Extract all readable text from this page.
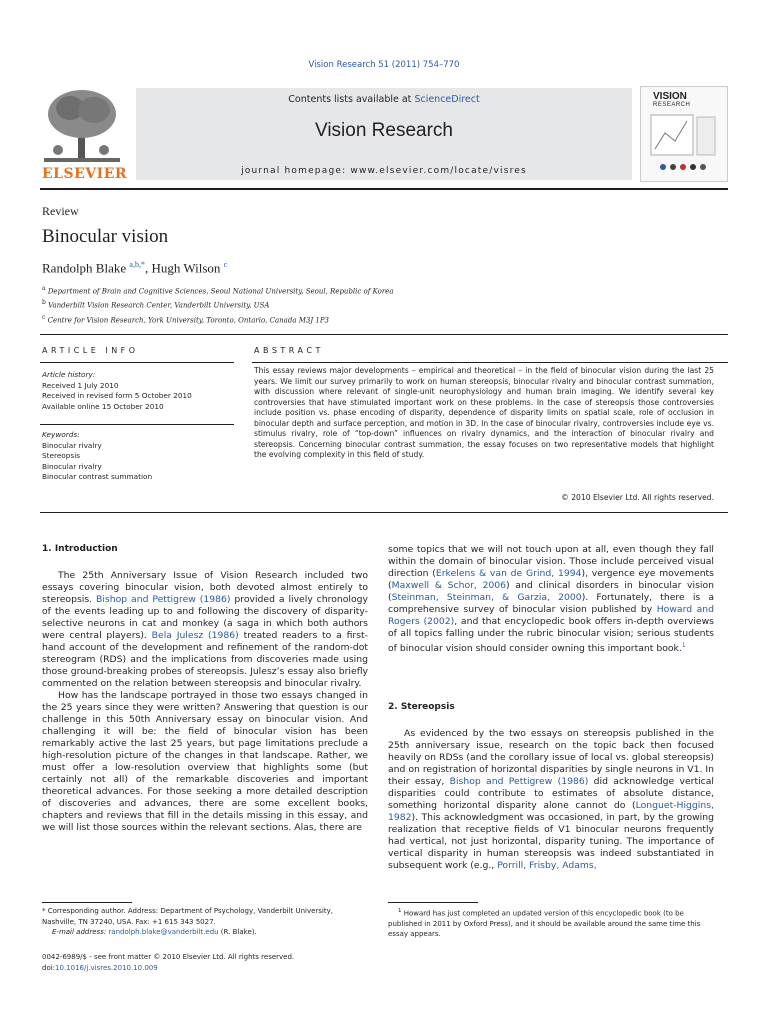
Vision Research 51 (2011) 754–770
ELSEVIER
Contents lists available at ScienceDirect
Vision Research
journal homepage: www.elsevier.com/locate/visres
VISION
RESEARCH
Review
Binocular vision
Randolph Blake $^{a,b,*}$, Hugh Wilson $^c$
$^a$ Department of Brain and Cognitive Sciences, Seoul National University, Seoul, Republic of Korea
$^b$ Vanderbilt Vision Research Center, Vanderbilt University, USA
$^c$ Centre for Vision Research, York University, Toronto, Ontario, Canada M3J 1P3
ARTICLE INFO
Article history:
Received 1 July 2010
Received in revised form 5 October 2010
Available online 15 October 2010
Keywords:
Binocular rivalry
Stereopsis
Binocular rivalry
Binocular contrast summation
ABSTRACT
This essay reviews major developments – empirical and theoretical – in the field of binocular vision during the last 25 years. We limit our survey primarily to work on human stereopsis, binocular rivalry and binocular contrast summation, with discussion where relevant of single-unit neurophysiology and human brain imaging. We identify several key controversies that have stimulated important work on these problems. In the case of stereopsis those controversies include position vs. phase encoding of disparity, dependence of disparity limits on spatial scale, role of occlusion in binocular depth and surface perception, and motion in 3D. In the case of binocular rivalry, controversies include eye vs. stimulus rivalry, role of “top-down” influences on rivalry dynamics, and the interaction of binocular rivalry and stereopsis. Concerning binocular contrast summation, the essay focuses on two representative models that highlight the evolving complexity in this field of study.
© 2010 Elsevier Ltd. All rights reserved.
1. Introduction

The 25th Anniversary Issue of Vision Research included two essays covering binocular vision, both devoted almost entirely to stereopsis. Bishop and Pettigrew (1986) provided a lively chronology of the events leading up to and following the discovery of disparity-selective neurons in cat and monkey (a saga in which both authors were central players). Bela Julesz (1986) treated readers to a first-hand account of the development and refinement of the random-dot stereogram (RDS) and the implications from discoveries made using those ground-breaking probes of stereopsis. Julesz’s essay also briefly commented on the relation between stereopsis and binocular rivalry.

How has the landscape portrayed in those two essays changed in the 25 years since they were written? Answering that question is our challenge in this 50th Anniversary essay on binocular vision. And challenging it will be: the field of binocular vision has been remarkably active the last 25 years, but page limitations preclude a high-resolution picture of the changes in that landscape. Rather, we must offer a low-resolution overview that highlights some (but certainly not all) of the remarkable discoveries and important theoretical advances. For those seeking a more detailed description of discoveries and advances, there are some excellent books, chapters and reviews that fill in the details missing in this essay, and we will list those sources within the relevant sections. Alas, there are

some topics that we will not touch upon at all, even though they fall within the domain of binocular vision. Those include perceived visual direction (Erkelens & van de Grind, 1994), vergence eye movements (Maxwell & Schor, 2006) and clinical disorders in binocular vision (Steinman, Steinman, & Garzia, 2000). Fortunately, there is a comprehensive survey of binocular vision published by Howard and Rogers (2002), and that encyclopedic book offers in-depth overviews of all topics falling under the rubric binocular vision; serious students of binocular vision should consider owning this important book.$^1$

2. Stereopsis

As evidenced by the two essays on stereopsis published in the 25th anniversary issue, research on the topic back then focused heavily on RDSs (and the corollary issue of local vs. global stereopsis) and on registration of horizontal disparities by single neurons in V1. In their essay, Bishop and Pettigrew (1986) did acknowledge vertical disparities could contribute to estimates of absolute distance, something horizontal disparity alone cannot do (Longuet-Higgins, 1982). This acknowledgment was occasioned, in part, by the growing realization that receptive fields of V1 binocular neurons frequently had vertical, not just horizontal, disparity tuning. The importance of vertical disparity in human stereopsis was indeed substantiated in subsequent work (e.g., Porrill, Frisby, Adams,

* Corresponding author. Address: Department of Psychology, Vanderbilt University, Nashville, TN 37240, USA. Fax: +1 615 343 5027.
E-mail address: randolph.blake@vanderbilt.edu (R. Blake).
0042-6989/$ - see front matter © 2010 Elsevier Ltd. All rights reserved.
doi:10.1016/j.visres.2010.10.009
$^1$ Howard has just completed an updated version of this encyclopedic book (to be published in 2011 by Oxford Press), and it should be available around the same time this essay appears.
